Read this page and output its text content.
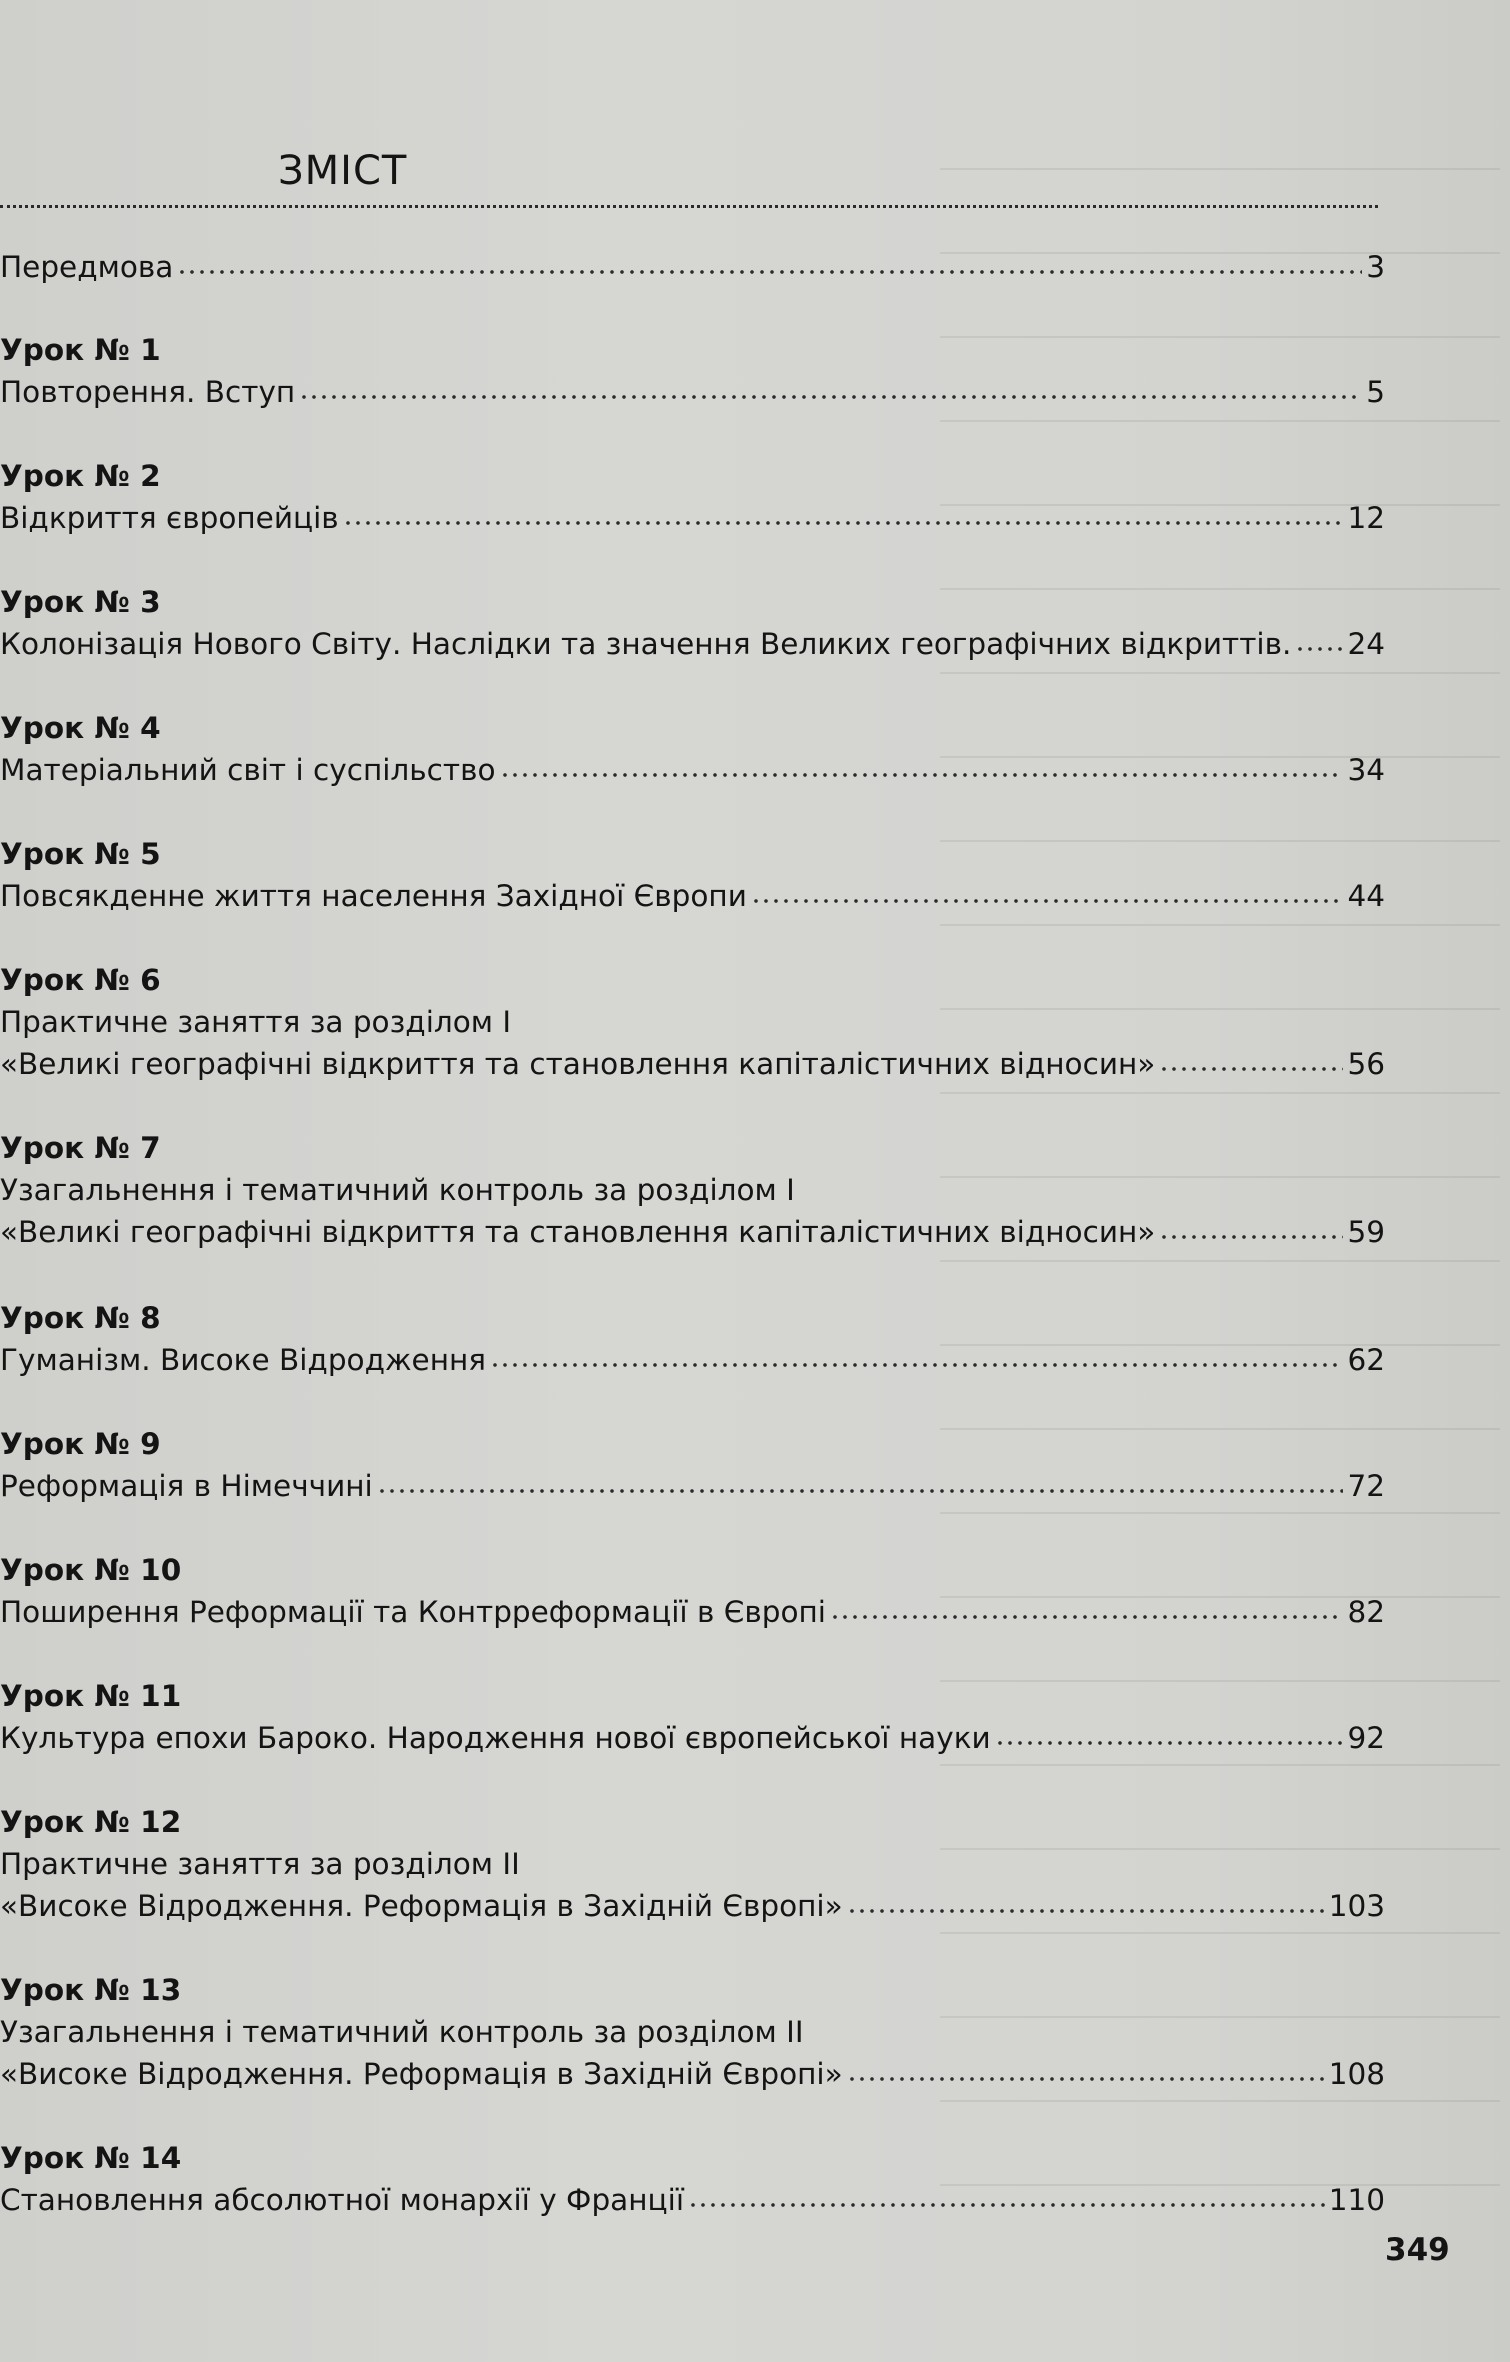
ЗМІСТ
Передмова	3
Урок № 1
Повторення. Вступ	5
Урок № 2
Відкриття європейців	12
Урок № 3
Колонізація Нового Світу. Наслідки та значення Великих географічних відкриттів. 24
Урок № 4
Матеріальний світ і суспільство	34
Урок № 5
Повсякденне життя населення Західної Європи	44
Урок № 6
Практичне заняття за розділом І
«Великі географічні відкриття та становлення капіталістичних відносин»	56
Урок № 7
Узагальнення і тематичний контроль за розділом І
«Великі географічні відкриття та становлення капіталістичних відносин»	59
Урок № 8
Гуманізм. Високе Відродження	62
Урок № 9
Реформація в Німеччині	72
Урок № 10
Поширення Реформації та Контрреформації в Європі	82
Урок № 11
Культура епохи Бароко. Народження нової європейської науки	92
Урок № 12
Практичне заняття за розділом ІІ
«Високе Відродження. Реформація в Західній Європі»	103
Урок № 13
Узагальнення і тематичний контроль за розділом ІІ
«Високе Відродження. Реформація в Західній Європі»	108
Урок № 14
Становлення абсолютної монархії у Франції	110
349
